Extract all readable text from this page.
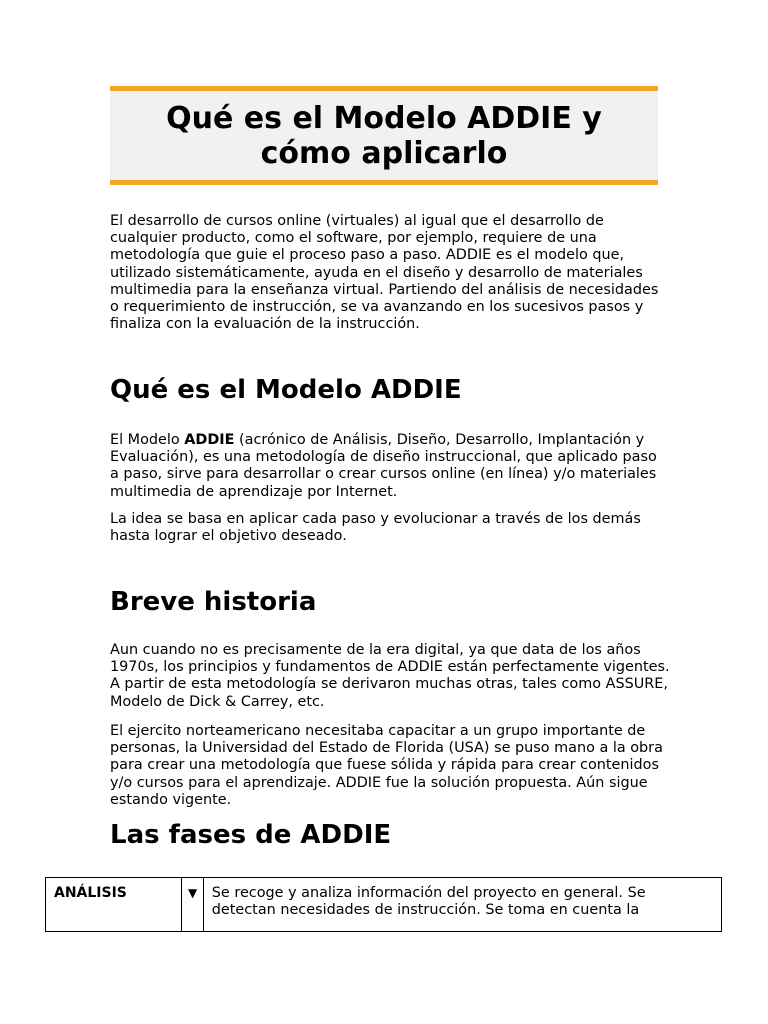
Qué es el Modelo ADDIE y cómo aplicarlo

El desarrollo de cursos online (virtuales) al igual que el desarrollo de cualquier producto, como el software, por ejemplo, requiere de una metodología que guie el proceso paso a paso. ADDIE es el modelo que, utilizado sistemáticamente, ayuda en el diseño y desarrollo de materiales multimedia para la enseñanza virtual. Partiendo del análisis de necesidades o requerimiento de instrucción, se va avanzando en los sucesivos pasos y finaliza con la evaluación de la instrucción.

Qué es el Modelo ADDIE

El Modelo ADDIE (acrónico de Análisis, Diseño, Desarrollo, Implantación y Evaluación), es una metodología de diseño instruccional, que aplicado paso a paso, sirve para desarrollar o crear cursos online (en línea) y/o materiales multimedia de aprendizaje por Internet.

La idea se basa en aplicar cada paso y evolucionar a través de los demás hasta lograr el objetivo deseado.

Breve historia

Aun cuando no es precisamente de la era digital, ya que data de los años 1970s, los principios y fundamentos de ADDIE están perfectamente vigentes. A partir de esta metodología se derivaron muchas otras, tales como ASSURE, Modelo de Dick & Carrey, etc.

El ejercito norteamericano necesitaba capacitar a un grupo importante de personas, la Universidad del Estado de Florida (USA) se puso mano a la obra para crear una metodología que fuese sólida y rápida para crear contenidos y/o cursos para el aprendizaje. ADDIE fue la solución propuesta. Aún sigue estando vigente.

Las fases de ADDIE
ANÁLISIS	▼	Se recoge y analiza información del proyecto en general. Se detectan necesidades de instrucción. Se toma en cuenta la
